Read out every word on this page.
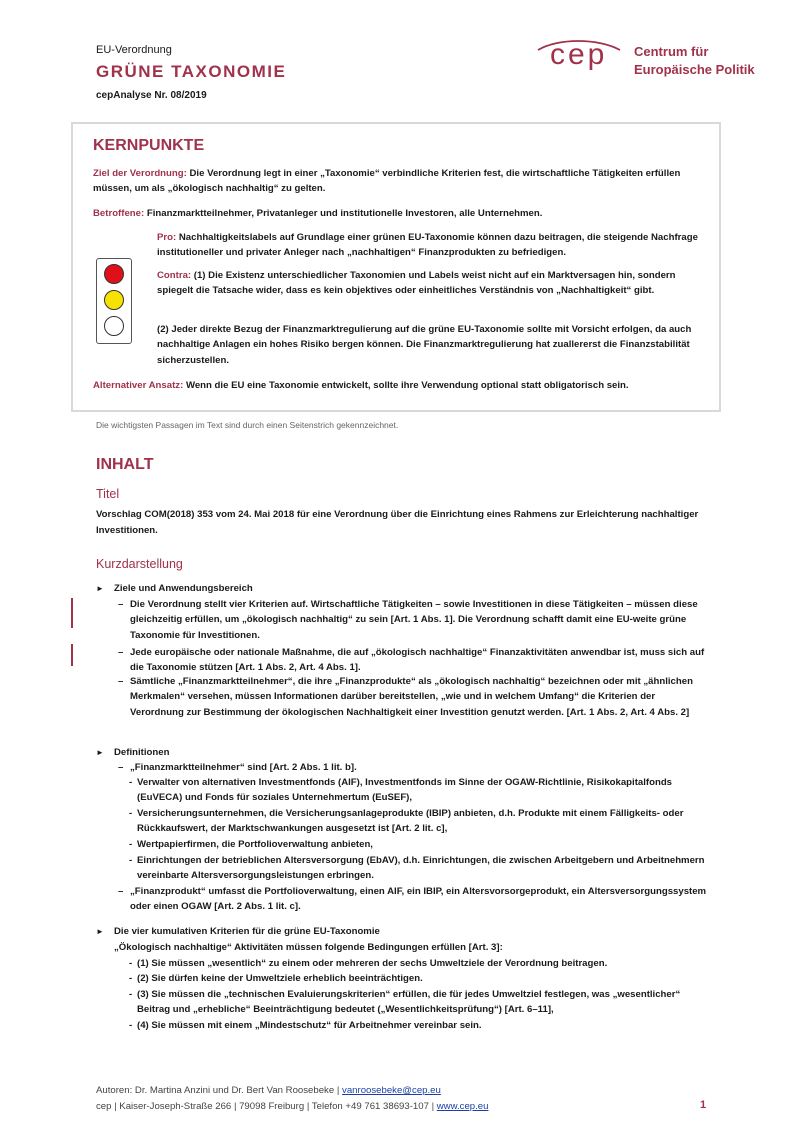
EU-Verordnung
GRÜNE TAXONOMIE
cepAnalyse Nr. 08/2019
cep Centrum für
Europäische Politik
KERNPUNKTE
Ziel der Verordnung: Die Verordnung legt in einer „Taxonomie“ verbindliche Kriterien fest, die wirtschaftliche Tätigkeiten erfüllen müssen, um als „ökologisch nachhaltig“ zu gelten.
Betroffene: Finanzmarktteilnehmer, Privatanleger und institutionelle Investoren, alle Unternehmen.
Pro: Nachhaltigkeitslabels auf Grundlage einer grünen EU-Taxonomie können dazu beitragen, die steigende Nachfrage institutioneller und privater Anleger nach „nachhaltigen“ Finanzprodukten zu befriedigen.
Contra: (1) Die Existenz unterschiedlicher Taxonomien und Labels weist nicht auf ein Marktversagen hin, sondern spiegelt die Tatsache wider, dass es kein objektives oder einheitliches Verständnis von „Nachhaltigkeit“ gibt.
(2) Jeder direkte Bezug der Finanzmarktregulierung auf die grüne EU-Taxonomie sollte mit Vorsicht erfolgen, da auch nachhaltige Anlagen ein hohes Risiko bergen können. Die Finanzmarktregulierung hat zuallererst die Finanzstabilität sicherzustellen.
Alternativer Ansatz: Wenn die EU eine Taxonomie entwickelt, sollte ihre Verwendung optional statt obligatorisch sein.
Die wichtigsten Passagen im Text sind durch einen Seitenstrich gekennzeichnet.
INHALT
Titel
Vorschlag COM(2018) 353 vom 24. Mai 2018 für eine Verordnung über die Einrichtung eines Rahmens zur Erleichterung nachhaltiger Investitionen.
Kurzdarstellung
► Ziele und Anwendungsbereich
– Die Verordnung stellt vier Kriterien auf. Wirtschaftliche Tätigkeiten – sowie Investitionen in diese Tätigkeiten – müssen diese gleichzeitig erfüllen, um „ökologisch nachhaltig“ zu sein [Art. 1 Abs. 1]. Die Verordnung schafft damit eine EU-weite grüne Taxonomie für Investitionen.
– Jede europäische oder nationale Maßnahme, die auf „ökologisch nachhaltige“ Finanzaktivitäten anwendbar ist, muss sich auf die Taxonomie stützen [Art. 1 Abs. 2, Art. 4 Abs. 1].
– Sämtliche „Finanzmarktteilnehmer“, die ihre „Finanzprodukte“ als „ökologisch nachhaltig“ bezeichnen oder mit „ähnlichen Merkmalen“ versehen, müssen Informationen darüber bereitstellen, „wie und in welchem Umfang“ die Kriterien der Verordnung zur Bestimmung der ökologischen Nachhaltigkeit einer Investition genutzt werden. [Art. 1 Abs. 2, Art. 4 Abs. 2]
► Definitionen
– „Finanzmarktteilnehmer“ sind [Art. 2 Abs. 1 lit. b].
- Verwalter von alternativen Investmentfonds (AIF), Investmentfonds im Sinne der OGAW-Richtlinie, Risikokapitalfonds (EuVECA) und Fonds für soziales Unternehmertum (EuSEF),
- Versicherungsunternehmen, die Versicherungsanlageprodukte (IBIP) anbieten, d.h. Produkte mit einem Fälligkeits- oder Rückkaufswert, der Marktschwankungen ausgesetzt ist [Art. 2 lit. c],
- Wertpapierfirmen, die Portfolioverwaltung anbieten,
- Einrichtungen der betrieblichen Altersversorgung (EbAV), d.h. Einrichtungen, die zwischen Arbeitgebern und Arbeitnehmern vereinbarte Altersversorgungsleistungen erbringen.
– „Finanzprodukt“ umfasst die Portfolioverwaltung, einen AIF, ein IBIP, ein Altersvorsorgeprodukt, ein Altersversorgungssystem oder einen OGAW [Art. 2 Abs. 1 lit. c].
► Die vier kumulativen Kriterien für die grüne EU-Taxonomie
„Ökologisch nachhaltige“ Aktivitäten müssen folgende Bedingungen erfüllen [Art. 3]:
- (1) Sie müssen „wesentlich“ zu einem oder mehreren der sechs Umweltziele der Verordnung beitragen.
- (2) Sie dürfen keine der Umweltziele erheblich beeinträchtigen.
- (3) Sie müssen die „technischen Evaluierungskriterien“ erfüllen, die für jedes Umweltziel festlegen, was „wesentlicher“ Beitrag und „erhebliche“ Beeinträchtigung bedeutet („Wesentlichkeitsprüfung“) [Art. 6–11],
- (4) Sie müssen mit einem „Mindestschutz“ für Arbeitnehmer vereinbar sein.
Autoren: Dr. Martina Anzini und Dr. Bert Van Roosebeke | vanroosebeke@cep.eu
cep | Kaiser-Joseph-Straße 266 | 79098 Freiburg | Telefon +49 761 38693-107 | www.cep.eu	1
